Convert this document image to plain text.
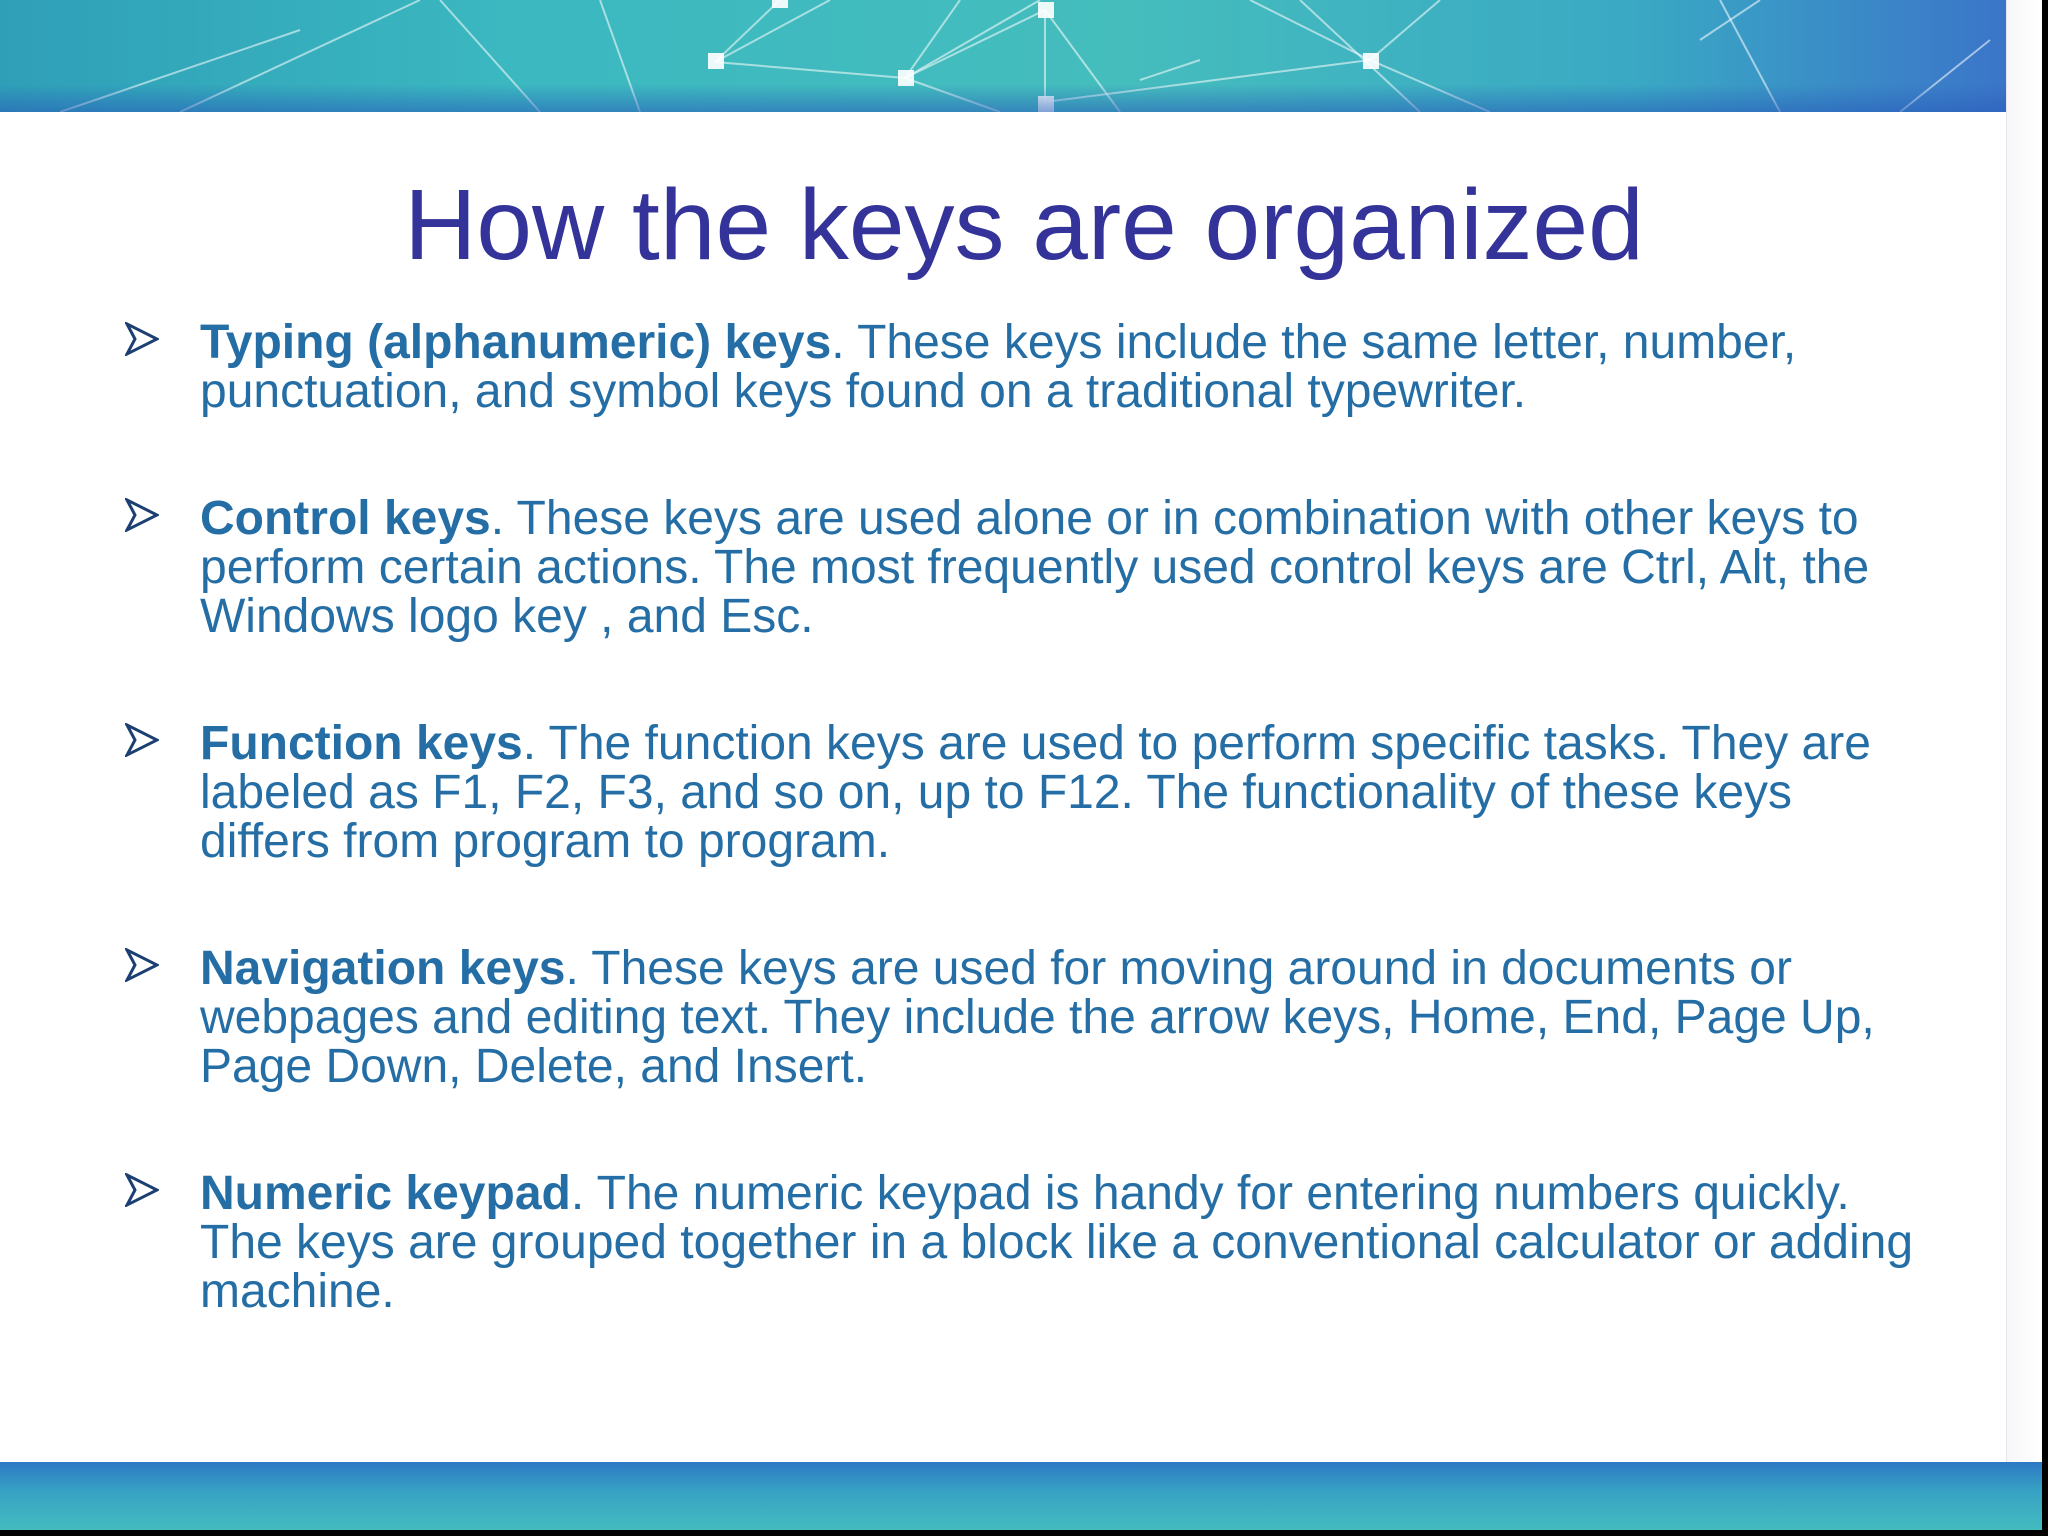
How the keys are organized
Typing (alphanumeric) keys. These keys include the same letter, number, punctuation, and symbol keys found on a traditional typewriter.
Control keys. These keys are used alone or in combination with other keys to perform certain actions. The most frequently used control keys are Ctrl, Alt, the Windows logo key , and Esc.
Function keys. The function keys are used to perform specific tasks. They are labeled as F1, F2, F3, and so on, up to F12. The functionality of these keys differs from program to program.
Navigation keys. These keys are used for moving around in documents or webpages and editing text. They include the arrow keys, Home, End, Page Up, Page Down, Delete, and Insert.
Numeric keypad. The numeric keypad is handy for entering numbers quickly. The keys are grouped together in a block like a conventional calculator or adding machine.
